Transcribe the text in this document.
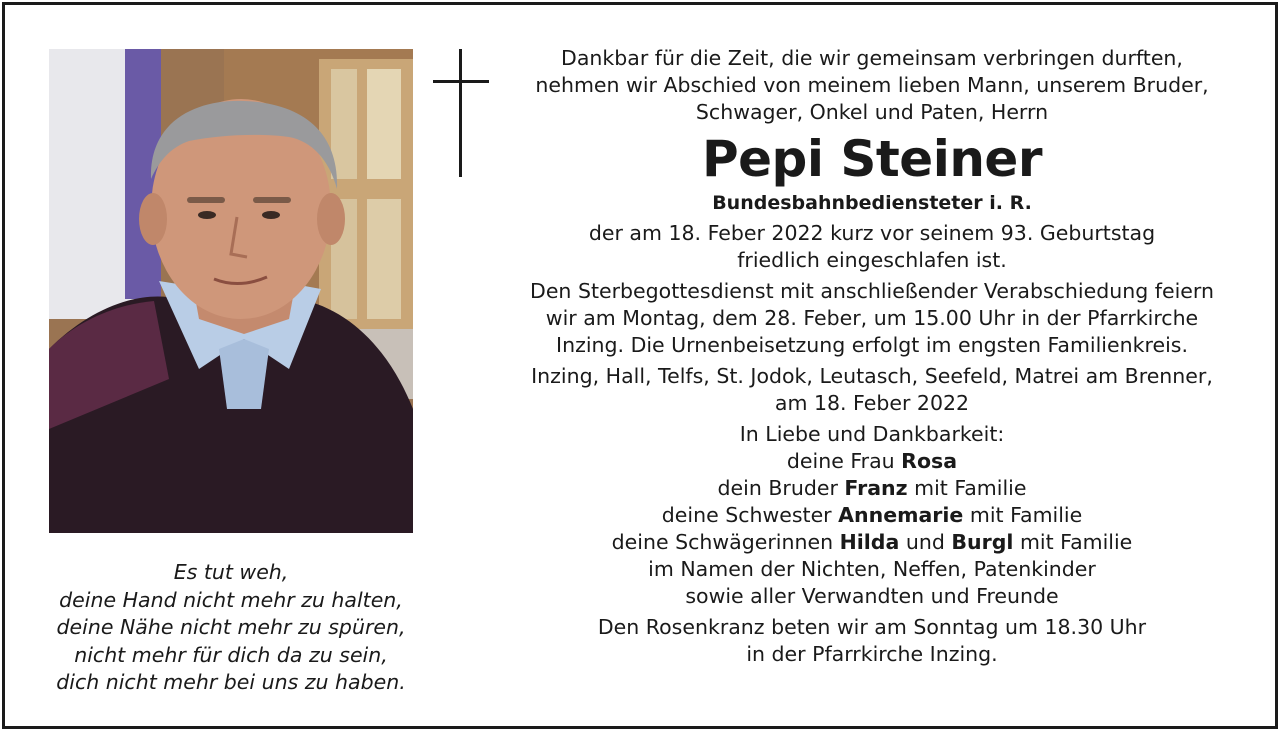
Es tut weh,
deine Hand nicht mehr zu halten,
deine Nähe nicht mehr zu spüren,
nicht mehr für dich da zu sein,
dich nicht mehr bei uns zu haben.

Dankbar für die Zeit, die wir gemeinsam verbringen durften,

nehmen wir Abschied von meinem lieben Mann, unserem Bruder,

Schwager, Onkel und Paten, Herrn

Pepi Steiner

Bundesbahnbediensteter i. R.

der am 18. Feber 2022 kurz vor seinem 93. Geburtstag

friedlich eingeschlafen ist.

Den Sterbegottesdienst mit anschließender Verabschiedung feiern

wir am Montag, dem 28. Feber, um 15.00 Uhr in der Pfarrkirche

Inzing. Die Urnenbeisetzung erfolgt im engsten Familienkreis.

Inzing, Hall, Telfs, St. Jodok, Leutasch, Seefeld, Matrei am Brenner,

am 18. Feber 2022

In Liebe und Dankbarkeit:

deine Frau Rosa

dein Bruder Franz mit Familie

deine Schwester Annemarie mit Familie

deine Schwägerinnen Hilda und Burgl mit Familie

im Namen der Nichten, Neffen, Patenkinder

sowie aller Verwandten und Freunde

Den Rosenkranz beten wir am Sonntag um 18.30 Uhr

in der Pfarrkirche Inzing.
